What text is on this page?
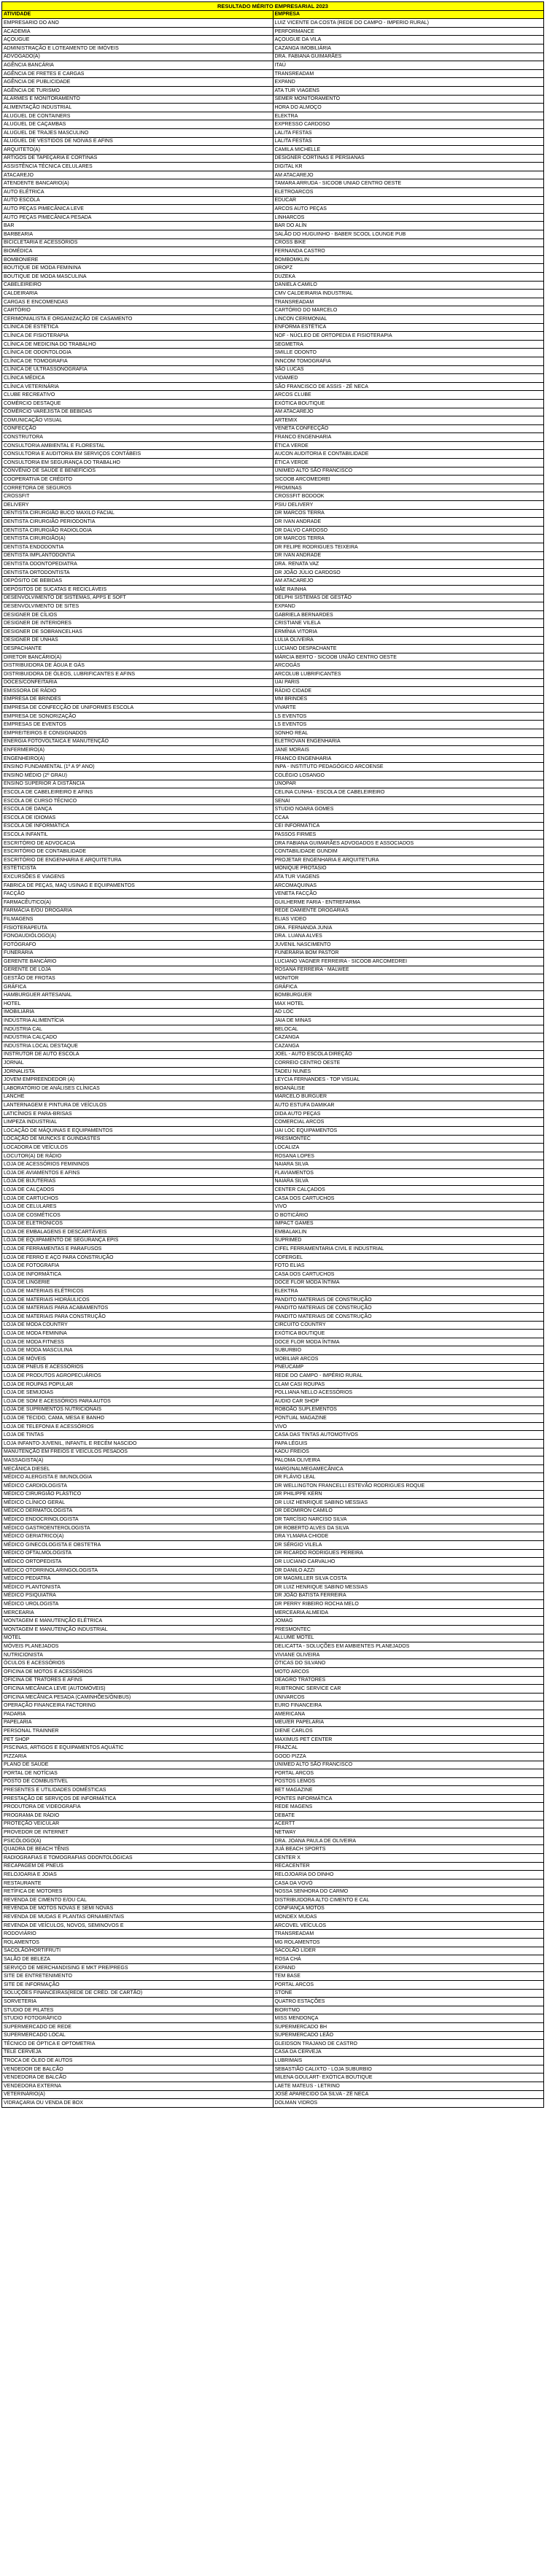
RESULTADO MÉRITO EMPRESARIAL 2023	
ATIVIDADE	EMPRESA
EMPRESARIO DO ANO	LUIZ VICENTE DA COSTA (REDE DO CAMPO - IMPERIO RURAL)
ACADEMIA	PERFORMANCE
AÇOUGUE	AÇOUGUE DA VILA
ADMINISTRAÇÃO E LOTEAMENTO DE IMÓVEIS	CAZANGA IMOBILIÁRIA
ADVOGADO(A)	DRA. FABIANA GUIMARÃES
AGÊNCIA BANCÁRIA	ITAÚ
AGÊNCIA DE FRETES E CARGAS	TRANSREADAM
AGÊNCIA DE PUBLICIDADE	EXPAND
AGÊNCIA DE TURISMO	ATA TUR VIAGENS
ALARMES E MONITORAMENTO	SEMER MONITORAMENTO
ALIMENTAÇÃO INDUSTRIAL	HORA DO ALMOÇO
ALUGUEL DE CONTAINERS	ELEKTRA
ALUGUEL DE CAÇAMBAS	EXPRESSO CARDOSO
ALUGUEL DE TRAJES MASCULINO	LALITA FESTAS
ALUGUEL DE VESTIDOS DE NOIVAS E AFINS	LALITA FESTAS
ARQUITETO(A)	CAMILA MICHELLE
ARTIGOS DE TAPEÇARIA E CORTINAS	DESIGNER CORTINAS E PERSIANAS
ASSISTÊNCIA TÉCNICA CELULARES	DIGITAL KR
ATACAREJO	AM ATACAREJO
ATENDENTE BANCARIO(A)	TAMARA ARRUDA - SICOOB UNIAO CENTRO OESTE
AUTO ELÉTRICA	ELETROARCOS
AUTO ESCOLA	EDUCAR
AUTO PEÇAS PIMECÂNICA LEVE	ARCOS AUTO PEÇAS
AUTO PEÇAS PIMECÂNICA PESADA	LINHARCOS
BAR	BAR DO ALÍN
BARBEARIA	SALÃO DO HUGUINHO - BABER SCOOL LOUNGE PUB
BICICLETARIA E ACESSÓRIOS	CROSS BIKE
BIOMÉDICA	FERNANDA CASTRO
BOMBONIERE	BOMBOMKLIN
BOUTIQUE DE MODA FEMININA	DROPZ
BOUTIQUE DE MODA MASCULINA	DUZEKA
CABELEIREIRO	DANIELA CAMILO
CALDEIRARIA	CMV CALDEIRARIA INDUSTRIAL
CARGAS E ENCOMENDAS	TRANSREADAM
CARTÓRIO	CARTÓRIO DO MARCELO
CERIMONIALISTA E ORGANIZAÇÃO DE CASAMENTO	LINCON CERIMONIAL
CLÍNICA DE ESTÉTICA	ENFORMA ESTÉTICA
CLÍNICA DE FISIOTERAPIA	NOF - NÚCLEO DE ORTOPEDIA E FISIOTERAPIA
CLÍNICA DE MEDICINA DO TRABALHO	SEGMETRA
CLÍNICA DE ODONTOLOGIA	SMILLE ODONTO
CLÍNICA DE TOMOGRAFIA	INNCOM TOMOGRAFIA
CLÍNICA DE ULTRASSONOGRAFIA	SÃO LUCAS
CLÍNICA MÉDICA	VIDAMED
CLÍNICA VETERINÁRIA	SÃO FRANCISCO DE ASSIS - ZÉ NECA
CLUBE RECREATIVO	ARCOS CLUBE
COMÉRCIO DESTAQUE	EXÓTICA BOUTIQUE
COMÉRCIO VAREJISTA DE BEBIDAS	AM ATACAREJO
COMUNICAÇÃO VISUAL	ARTEMIX
CONFECÇÃO	VENETA CONFECÇÃO
CONSTRUTORA	FRANCO ENGENHARIA
CONSULTORIA AMBIENTAL E FLORESTAL	ÉTICA VERDE
CONSULTORIA E AUDITORIA EM SERVIÇOS CONTÁBEIS	AUCON AUDITORIA E CONTABILIDADE
CONSULTORIA EM SEGURANÇA DO TRABALHO	ÉTICA VERDE
CONVÊNIO DE SAÚDE E BENEFÍCIOS	UNIMED ALTO SÃO FRANCISCO
COOPERATIVA DE CRÉDITO	SICOOB ARCOMEDREI
CORRETORA DE SEGUROS	PROMINAS
CROSSFIT	CROSSFIT BODOOK
DELIVERY	PSIU DELIVERY
DENTISTA CIRURGIÃO BUCO MAXILO FACIAL	DR MARCOS TERRA
DENTISTA CIRURGIÃO PERIODONTIA	DR IVAN ANDRADE
DENTISTA CIRURGIÃO RADIOLOGIA	DR DALVO CARDOSO
DENTISTA CIRURGIÃO(A)	DR MARCOS TERRA
DENTISTA ENDODONTIA	DR FELIPE RODRIGUES TEIXEIRA
DENTISTA IMPLANTODONTIA	DR IVAN ANDRADE
DENTISTA ODONTOPEDIATRA	DRA. RENATA VAZ
DENTISTA ORTODONTISTA	DR JOÃO JÚLIO CARDOSO
DEPÓSITO DE BEBIDAS	AM ATACAREJO
DEPÓSITOS DE SUCATAS E RECICLÁVEIS	MÃE RAINHA
DESENVOLVIMENTO DE SISTEMAS, APPS E SOFT	DELPHI SISTEMAS DE GESTÃO
DESENVOLVIMENTO DE SITES	EXPAND
DESIGNER DE CÍLIOS	GABRIELA BERNARDES
DESIGNER DE INTERIORES	CRISTIANE VILELA
DESIGNER DE SOBRANCELHAS	ERMÍNIA VITORIA
DESIGNER DE UNHAS	LÚLIA OLIVEIRA
DESPACHANTE	LUCIANO DESPACHANTE
DIRETOR BANCÁRIO(A)	MÁRCIA BERTO - SICOOB UNIÃO CENTRO OESTE
DISTRIBUIDORA DE ÁGUA E GÁS	ARCOGÁS
DISTRIBUIDORA DE ÓLEOS, LUBRIFICANTES E AFINS	ARCOLUB LUBRIFICANTES
DOCES/CONFEITARIA	UAI PARIS
EMISSORA DE RÁDIO	RÁDIO CIDADE
EMPRESA DE BRINDES	MM BRINDES
EMPRESA DE CONFECÇÃO DE UNIFORMES ESCOLA	VIVARTE
EMPRESA DE SONORIZAÇÃO	LS EVENTOS
EMPRESAS DE EVENTOS	LS EVENTOS
EMPREITEIROS E CONSIGNADOS	SONHO REAL
ENERGIA FOTOVOLTAICA E MANUTENÇÃO	ELETROVAN ENGENHARIA
ENFERMEIRO(A)	JANE MORAIS
ENGENHEIRO(A)	FRANCO ENGENHARIA
ENSINO FUNDAMENTAL (1º A 9º ANO)	INPA - INSTITUTO PEDAGÓGICO ARCOENSE
ENSINO MÉDIO (2º GRAU)	COLÉGIO LOSANGO
ENSINO SUPERIOR À DISTÂNCIA	UNOPAR
ESCOLA DE CABELEIREIRO E AFINS	CELINA CUNHA - ESCOLA DE CABELEIREIRO
ESCOLA DE CURSO TÉCNICO	SENAI
ESCOLA DE DANÇA	STUDIO NOARA GOMES
ESCOLA DE IDIOMAS	CCAA
ESCOLA DE INFORMÁTICA	CEI INFORMÁTICA
ESCOLA INFANTIL	PASSOS FIRMES
ESCRITÓRIO DE ADVOCACIA	DRA FABIANA GUIMARÃES ADVOGADOS E ASSOCIADOS
ESCRITÓRIO DE CONTABILIDADE	CONTABILIDADE GUNDIM
ESCRITÓRIO DE ENGENHARIA E ARQUITETURA	PROJETAR ENGENHARIA E ARQUITETURA
ESTÉTICISTA	MONIQUE PROTASIO
EXCURSÕES E VIAGENS	ATA TUR VIAGENS
FABRICA DE PEÇAS, MAQ USINAG E EQUIPAMENTOS	ARCOMAQUINAS
FACÇÃO	VENETA FACÇÃO
FARMACÊUTICO(A)	GUILHERME FARIA - ENTREFARMA
FARMÁCIA E/OU DROGARIA	REDE DAMIENTE DROGARIAS
FILMAGENS	ELIAS VIDEO
FISIOTERAPEUTA	DRA. FERNANDA JUNIA
FONOAUDIÓLOGO(A)	DRA. LUANA ALVES
FOTÓGRAFO	JUVENIL NASCIMENTO
FUNERÁRIA	FUNERÁRIA BOM PASTOR
GERENTE BANCÁRIO	LUCIANO VAGNER FERREIRA - SICOOB ARCOMEDREI
GERENTE DE LOJA	ROSANA FERREIRA - MALWEE
GESTÃO DE FROTAS	MONITOR
GRÁFICA	GRÁFICA
HAMBURGUER ARTESANAL	BOMBURGUER
HOTEL	MAX HOTEL
IMOBILIÁRIA	AD LOC
INDÚSTRIA ALIMENTÍCIA	JAIA DE MINAS
INDÚSTRIA CAL	BELOCAL
INDÚSTRIA CALÇADO	CAZANGA
INDÚSTRIA LOCAL DESTAQUE	CAZANGA
INSTRUTOR DE AUTO ESCOLA	JOEL - AUTO ESCOLA DIREÇÃO
JORNAL	CORREIO CENTRO OESTE
JORNALISTA	TADEU NUNES
JOVEM EMPREENDEDOR (A)	LEYCIA FERNANDES - TOP VISUAL
LABORATÓRIO DE ANÁLISES CLÍNICAS	BIOANÁLISE
LANCHE	MARCELO BURGUER
LANTERNAGEM E PINTURA DE VEÍCULOS	AUTO ESTUFA DAMIKAR
LATICÍNIOS E PARA-BRISAS	DIDA AUTO PEÇAS
LIMPEZA INDUSTRIAL	COMERCIAL ARCOS
LOCAÇÃO DE MÁQUINAS E EQUIPAMENTOS	UAI LOC EQUIPAMENTOS
LOCAÇÃO DE MUNCKS E GUINDASTES	PRESMONTEC
LOCADORA DE VEÍCULOS	LOCALIZA
LOCUTOR(A) DE RÁDIO	ROSANA LOPES
LOJA DE ACESSÓRIOS FEMININOS	NAIARA SILVA
LOJA DE AVIAMENTOS E AFINS	FLAVIAMENTOS
LOJA DE BIJUTERIAS	NAIARA SILVA
LOJA DE CALÇADOS	CENTER CALÇADOS
LOJA DE CARTUCHOS	CASA DOS CARTUCHOS
LOJA DE CELULARES	VIVO
LOJA DE COSMÉTICOS	O BOTICÁRIO
LOJA DE ELETRÔNICOS	IMPACT GAMES
LOJA DE EMBALAGENS E DESCARTÁVEIS	EMBALAKLIN
LOJA DE EQUIPAMENTO DE SEGURANÇA EPIS	SUPRIMED
LOJA DE FERRAMENTAS E PARAFUSOS	CIFEL FERRAMENTARIA CIVIL E INDUSTRIAL
LOJA DE FERRO E AÇO PARA CONSTRUÇÃO	COFERGEL
LOJA DE FOTOGRAFIA	FOTO ELIAS
LOJA DE INFORMÁTICA	CASA DOS CARTUCHOS
LOJA DE LINGERIE	DOCE FLOR MODA ÍNTIMA
LOJA DE MATERIAIS ELÉTRICOS	ELEKTRA
LOJA DE MATERIAIS HIDRÁULICOS	PANDITO MATERIAIS DE CONSTRUÇÃO
LOJA DE MATERIAIS PARA ACABAMENTOS	PANDITO MATERIAIS DE CONSTRUÇÃO
LOJA DE MATERIAIS PARA CONSTRUÇÃO	PANDITO MATERIAIS DE CONSTRUÇÃO
LOJA DE MODA COUNTRY	CIRCUITO COUNTRY
LOJA DE MODA FEMININA	EXÓTICA BOUTIQUE
LOJA DE MODA FITNESS	DOCE FLOR MODA ÍNTIMA
LOJA DE MODA MASCULINA	SUBURBIO
LOJA DE MÓVEIS	MOBILIAR ARCOS
LOJA DE PNEUS E ACESSÓRIOS	PNEUCAMP
LOJA DE PRODUTOS AGROPECUÁRIOS	REDE DO CAMPO - IMPÉRIO RURAL
LOJA DE ROUPAS POPULAR	CLAM CASI ROUPAS
LOJA DE SEMIJOIAS	POLLIANA NELLO ACESSÓRIOS
LOJA DE SOM E ACESSÓRIOS PARA AUTOS	AUDIO CAR SHOP
LOJA DE SUPRIMENTOS NUTRICIONAIS	ROBOÃO SUPLEMENTOS
LOJA DE TECIDO, CAMA, MESA E BANHO	PONTUAL MAGAZINE
LOJA DE TELEFONIA E ACESSÓRIOS	VIVO
LOJA DE TINTAS	CASA DAS TINTAS AUTOMOTIVOS
LOJA INFANTO-JUVENIL, INFANTIL E RECÉM NASCIDO	PAPA LÉGUIS
MANUTENÇÃO EM FREIOS E VEÍCULOS PESADOS	KADU FREIOS
MASSAGISTA(A)	PALOMA OLIVEIRA
MECÂNICA DIESEL	MARGINALMEGAMECÂNICA
MÉDICO ALERGISTA E IMUNOLOGIA	DR FLÁVIO LEAL
MÉDICO CARDIOLOGISTA	DR WELLINGTON FRANCELLI ESTEVÃO RODRIGUES ROQUE
MÉDICO CIRURGIÃO PLÁSTICO	DR PHILIPPE KERN
MÉDICO CLÍNICO GERAL	DR LUIZ HENRIQUE SABINO MESSIAS
MÉDICO DERMATOLOGISTA	DR DEOMIRON CAMILO
MÉDICO ENDOCRINOLOGISTA	DR TARCÍSIO NARCISO SILVA
MÉDICO GASTROENTEROLOGISTA	DR ROBERTO ALVES DA SILVA
MÉDICO GERIATRICO(A)	DRA YLMARA CHIODE
MÉDICO GINECOLOGISTA E OBSTETRA	DR SÉRGIO VILELA
MÉDICO OFTALMOLOGISTA	DR RICARDO RODRIGUES PEREIRA
MÉDICO ORTOPEDISTA	DR LUCIANO CARVALHO
MÉDICO OTORRINOLARINGOLOGISTA	DR DANILO AZZI
MÉDICO PEDIATRA	DR MAGMILLER SILVA COSTA
MÉDICO PLANTONISTA	DR LUIZ HENRIQUE SABINO MESSIAS
MÉDICO PSIQUIATRA	DR JOÃO BATISTA FERREIRA
MÉDICO UROLOGISTA	DR PERRY RIBEIRO ROCHA MELO
MERCEARIA	MERCEARIA ALMEIDA
MONTAGEM E MANUTENÇÃO ELÉTRICA	JOMAG
MONTAGEM E MANUTENÇÃO INDUSTRIAL	PRESMONTEC
MOTEL	ALLUME MOTEL
MÓVEIS PLANEJADOS	DELICATTA - SOLUÇÕES EM AMBIENTES PLANEJADOS
NUTRICIONISTA	VIVIANE OLIVEIRA
ÓCULOS E ACESSÓRIOS	ÓTICAS DO SILVANO
OFICINA DE MOTOS E ACESSÓRIOS	MOTO ARCOS
OFICINA DE TRATORES E AFINS	DEAGRO TRATORES
OFICINA MECÂNICA LEVE (AUTOMÓVEIS)	RUBTRONIC SERVICE CAR
OFICINA MECÂNICA PESADA (CAMINHÕES/ÔNIBUS)	UNIVARCOS
OPERAÇÃO FINANCEIRA FACTORING	EURO FINANCEIRA
PADARIA	AMERICANA
PAPELARIA	MEU/ER PAPELARIA
PERSONAL TRAINNER	DIENE CARLOS
PET SHOP	MAXIMUS PET CENTER
PISCINAS, ARTIGOS E EQUIPAMENTOS AQUÁTIC	FRAZCAL
PIZZARIA	GOOD PIZZA
PLANO DE SAÚDE	UNIMED ALTO SÃO FRANCISCO
PORTAL DE NOTÍCIAS	PORTAL ARCOS
POSTO DE COMBUSTÍVEL	POSTOS LEMOS
PRESENTES E UTILIDADES DOMÉSTICAS	BET MAGAZINE
PRESTAÇÃO DE SERVIÇOS DE INFORMÁTICA	PONTES INFORMÁTICA
PRODUTORA DE VIDEOGRAFIA	REDE MAGENS
PROGRAMA DE RÁDIO	DEBATE
PROTEÇÃO VEICULAR	ACERTT
PROVEDOR DE INTERNET	NETWAY
PSICÓLOGO(A)	DRA. JOANA PAULA DE OLIVEIRA
QUADRA DE BEACH TÊNIS	JUÁ BEACH SPORTS
RADIOGRAFIAS E TOMOGRAFIAS ODONTOLÓGICAS	CENTER X
RECAPAGEM DE PNEUS	RECACENTER
RELOJOARIA E JOIAS	RELOJOARIA DO DINHO
RESTAURANTE	CASA DA VOVÓ
RETÍFICA DE MOTORES	NOSSA SENHORA DO CARMO
REVENDA DE CIMENTO E/OU CAL	DISTRIBUIDORA ALTO CIMENTO E CAL
REVENDA DE MOTOS NOVAS E SEMI NOVAS	CONFIANÇA MOTOS
REVENDA DE MUDAS E PLANTAS ORNAMENTAIS	MONDEX MUDAS
REVENDA DE VEÍCULOS, NOVOS, SEMINOVOS E	ARCOVEL VEÍCULOS
RODOVIÁRIO	TRANSREADAM
ROLAMENTOS	MG ROLAMENTOS
SACOLÃO/HORTIFRUTI	SACOLÃO LÍDER
SALÃO DE BELEZA	ROSA CHÁ
SERVIÇO DE MERCHANDISING E MKT PRE/PREGS	EXPAND
SITE DE ENTRETENIMENTO	TEM BASE
SITE DE INFORMAÇÃO	PORTAL ARCOS
SOLUÇÕES FINANCEIRAS(REDE DE CRÉD. DE CARTÃO)	STONE
SORVETERIA	QUATRO ESTAÇÕES
STUDIO DE PILATES	BIORITMO
STUDIO FOTOGRÁFICO	MISS MENDONÇA
SUPERMERCADO DE REDE	SUPERMERCADO BH
SUPERMERCADO LOCAL	SUPERMERCADO LEÃO
TÉCNICO DE ÓPTICA E OPTOMETRIA	GLEIDSON TRAJANO DE CASTRO
TELE CERVEJA	CASA DA CERVEJA
TROCA DE ÓLEO DE AUTOS	LUBRIMAIS
VENDEDOR DE BALCÃO	SEBASTIÃO CALIXTO - LOJA SUBURBIO
VENDEDORA DE BALCÃO	MILENA GOULART- EXÓTICA BOUTIQUE
VENDEDORA EXTERNA	LAETE MATEUS - LETRINO
VETERINÁRIO(A)	JOSÉ APARECIDO DA SILVA - ZÉ NECA
VIDRAÇARIA OU VENDA DE BOX	DOLMAN VIDROS
